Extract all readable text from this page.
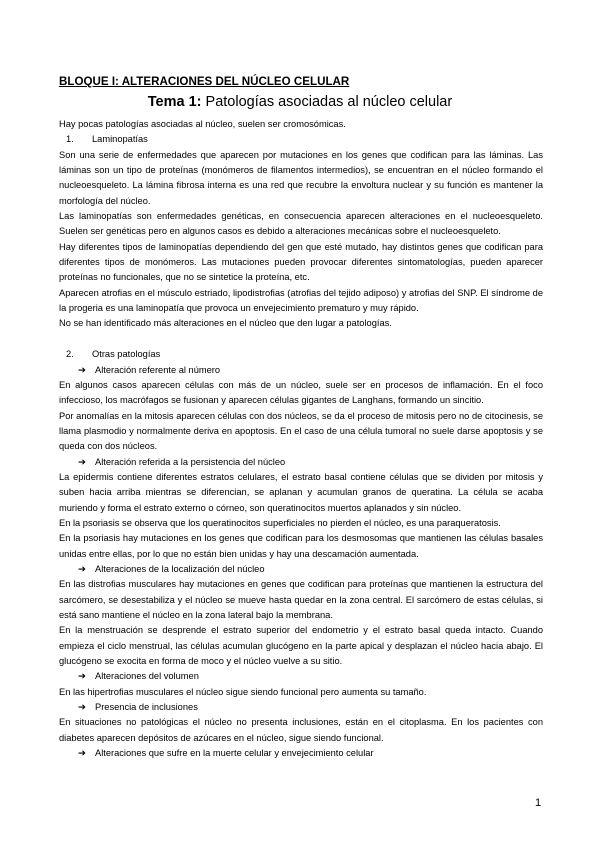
BLOQUE I: ALTERACIONES DEL NÚCLEO CELULAR
Tema 1: Patologías asociadas al núcleo celular

Hay pocas patologías asociadas al núcleo, suelen ser cromosómicas.

1. Laminopatías

Son una serie de enfermedades que aparecen por mutaciones en los genes que codifican para las láminas. Las láminas son un tipo de proteínas (monómeros de filamentos intermedios), se encuentran en el núcleo formando el nucleoesqueleto. La lámina fibrosa interna es una red que recubre la envoltura nuclear y su función es mantener la morfología del núcleo.

Las laminopatías son enfermedades genéticas, en consecuencia aparecen alteraciones en el nucleoesqueleto. Suelen ser genéticas pero en algunos casos es debido a alteraciones mecánicas sobre el nucleoesqueleto.

Hay diferentes tipos de laminopatías dependiendo del gen que esté mutado, hay distintos genes que codifican para diferentes tipos de monómeros. Las mutaciones pueden provocar diferentes sintomatologías, pueden aparecer proteínas no funcionales, que no se sintetice la proteína, etc.

Aparecen atrofias en el músculo estriado, lipodistrofias (atrofias del tejido adiposo) y atrofias del SNP. El síndrome de la progeria es una laminopatía que provoca un envejecimiento prematuro y muy rápido.

No se han identificado más alteraciones en el núcleo que den lugar a patologías.

2. Otras patologías

➔ Alteración referente al número

En algunos casos aparecen células con más de un núcleo, suele ser en procesos de inflamación. En el foco infeccioso, los macrófagos se fusionan y aparecen células gigantes de Langhans, formando un sincitio.

Por anomalías en la mitosis aparecen células con dos núcleos, se da el proceso de mitosis pero no de citocinesis, se llama plasmodio y normalmente deriva en apoptosis. En el caso de una célula tumoral no suele darse apoptosis y se queda con dos núcleos.

➔ Alteración referida a la persistencia del núcleo

La epidermis contiene diferentes estratos celulares, el estrato basal contiene células que se dividen por mitosis y suben hacia arriba mientras se diferencian, se aplanan y acumulan granos de queratina. La célula se acaba muriendo y forma el estrato externo o córneo, son queratinocitos muertos aplanados y sin núcleo.

En la psoriasis se observa que los queratinocitos superficiales no pierden el núcleo, es una paraqueratosis.

En la psoriasis hay mutaciones en los genes que codifican para los desmosomas que mantienen las células basales unidas entre ellas, por lo que no están bien unidas y hay una descamación aumentada.

➔ Alteraciones de la localización del núcleo

En las distrofias musculares hay mutaciones en genes que codifican para proteínas que mantienen la estructura del sarcómero, se desestabiliza y el núcleo se mueve hasta quedar en la zona central. El sarcómero de estas células, si está sano mantiene el núcleo en la zona lateral bajo la membrana.

En la menstruación se desprende el estrato superior del endometrio y el estrato basal queda intacto. Cuando empieza el ciclo menstrual, las células acumulan glucógeno en la parte apical y desplazan el núcleo hacia abajo. El glucógeno se exocita en forma de moco y el núcleo vuelve a su sitio.

➔ Alteraciones del volumen

En las hipertrofias musculares el núcleo sigue siendo funcional pero aumenta su tamaño.

➔ Presencia de inclusiones

En situaciones no patológicas el núcleo no presenta inclusiones, están en el citoplasma. En los pacientes con diabetes aparecen depósitos de azúcares en el núcleo, sigue siendo funcional.

➔ Alteraciones que sufre en la muerte celular y envejecimiento celular

1
